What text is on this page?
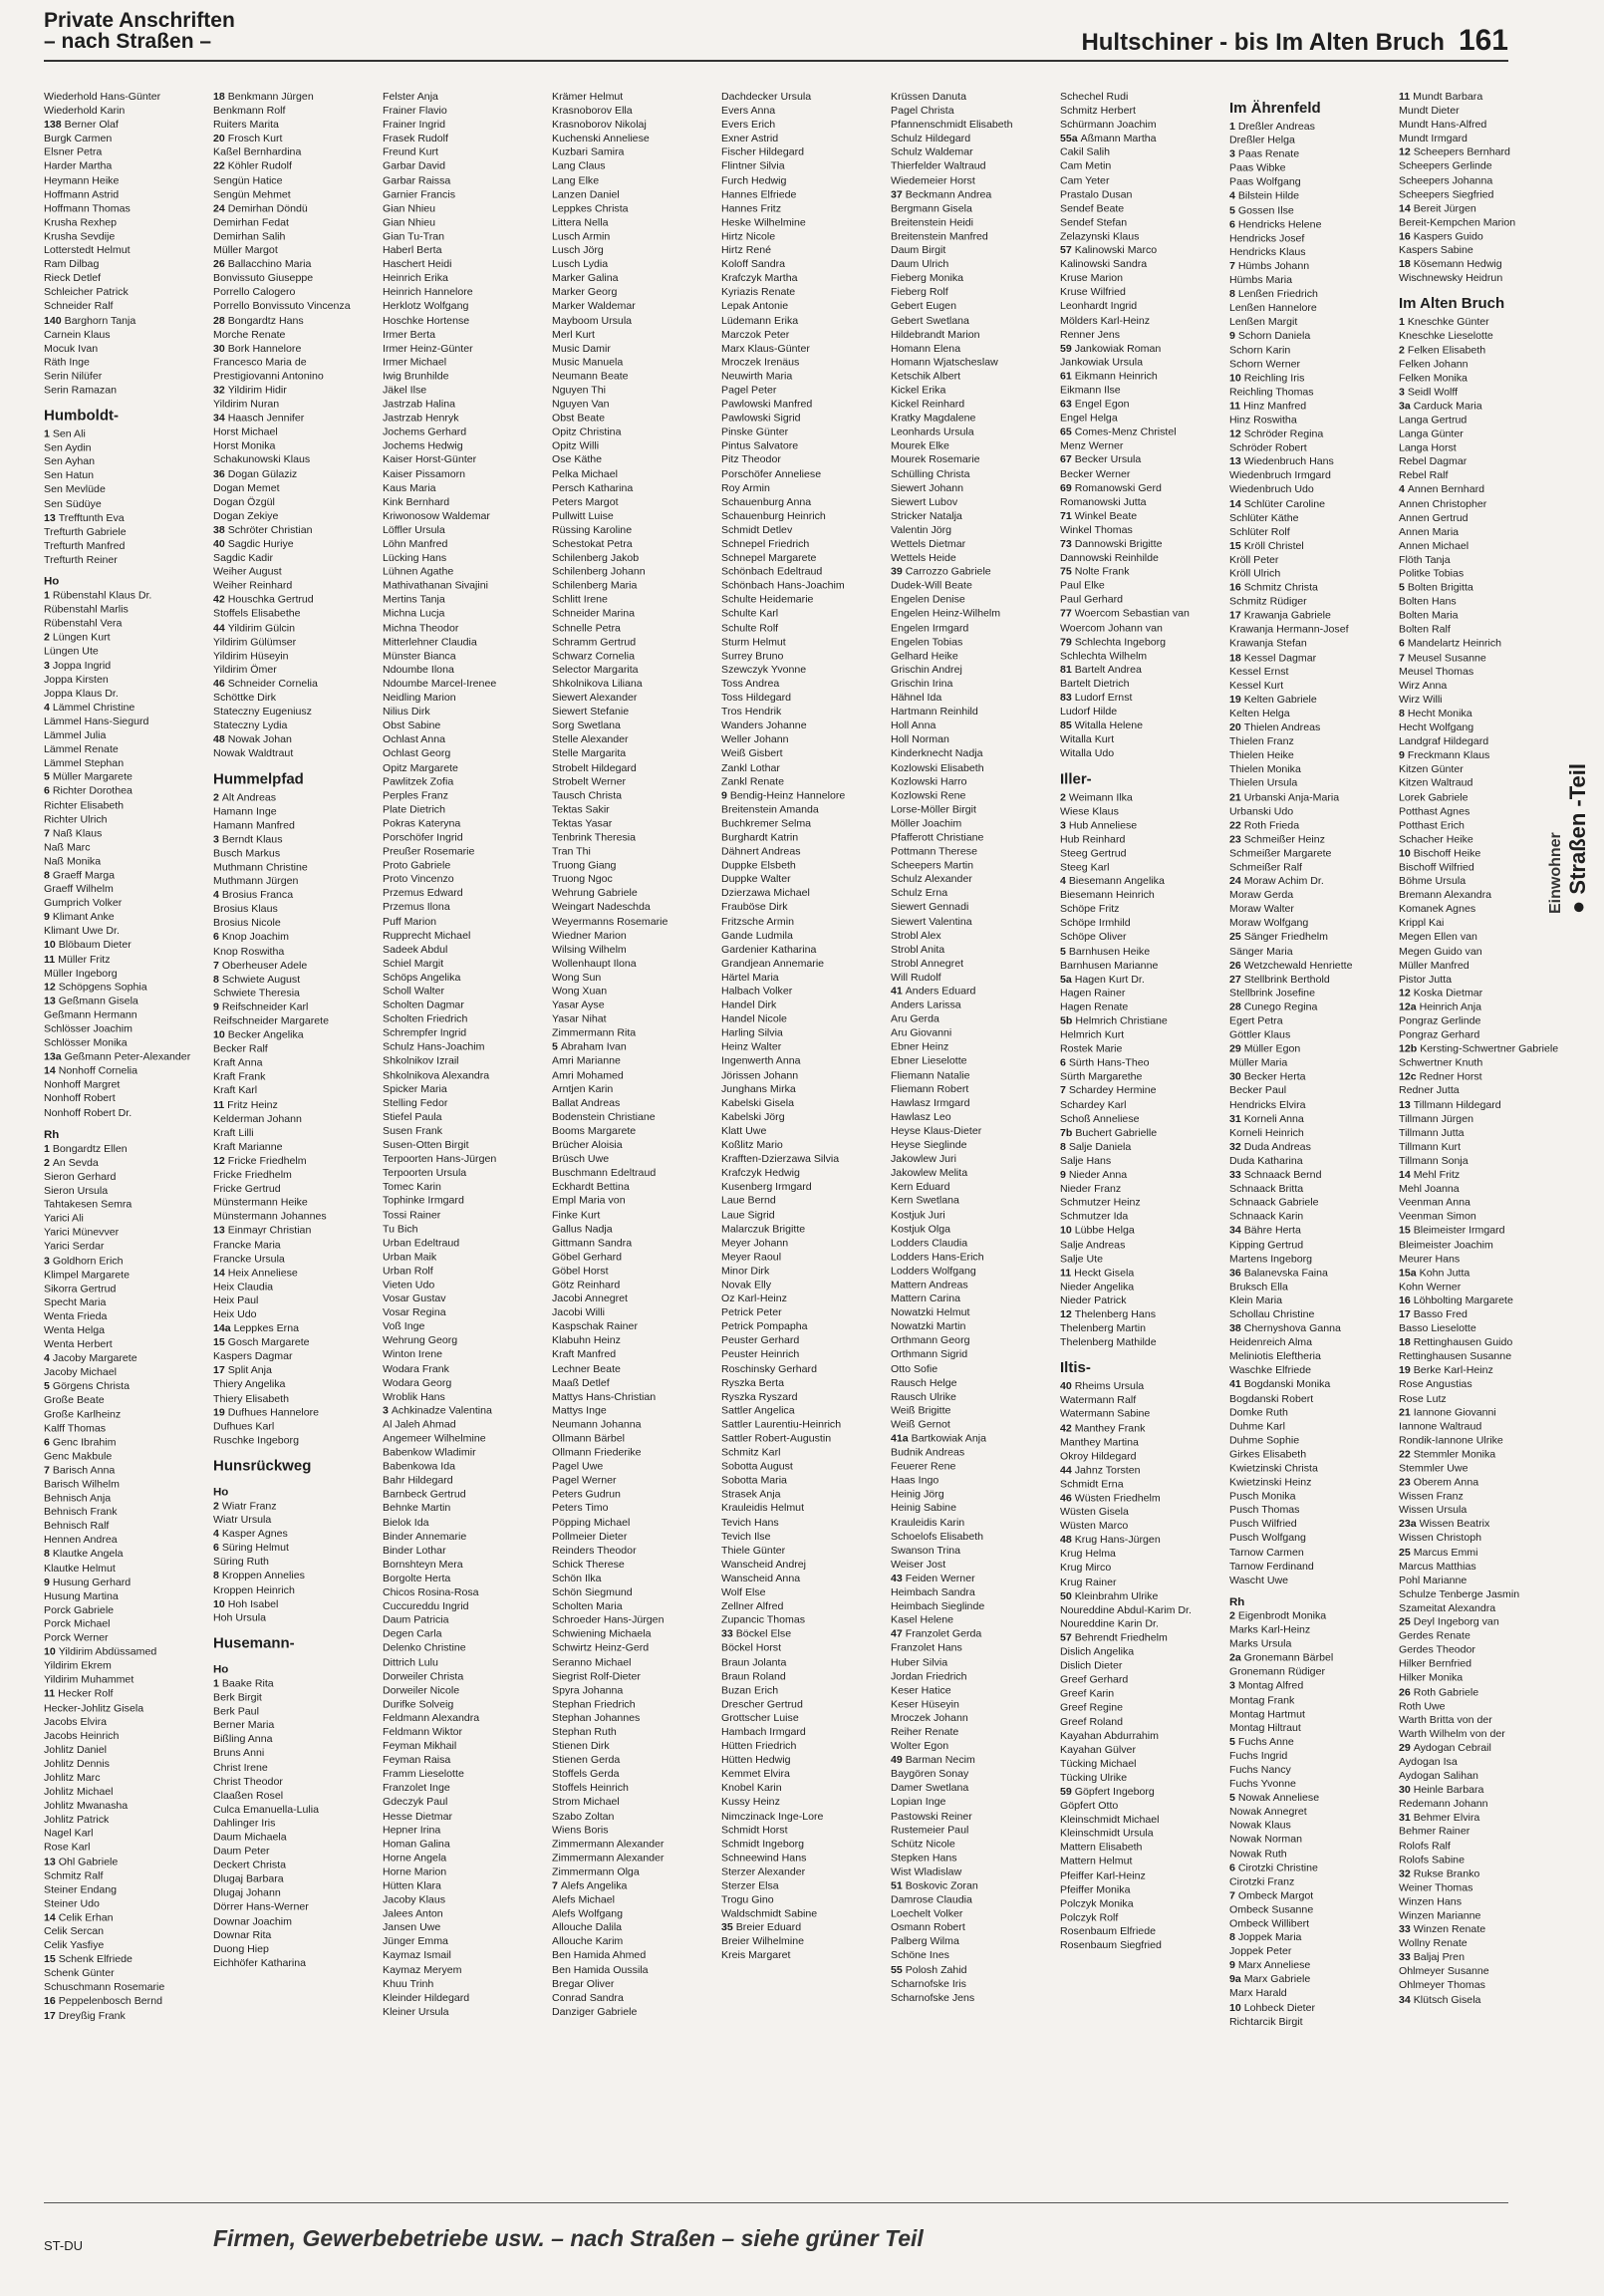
Private Anschriften
– nach Straßen –	Hultschiner - bis Im Alten Bruch 161
Wiederhold Hans-Günter
Wiederhold Karin
138 Berner Olaf
Burgk Carmen
Elsner Petra
Harder Martha
Heymann Heike
Hoffmann Astrid
Hoffmann Thomas
Krusha Rexhep
Krusha Sevdije
Lotterstedt Helmut
Ram Dilbag
Rieck Detlef
Schleicher Patrick
Schneider Ralf
140 Barghorn Tanja
Carnein Klaus
Mocuk Ivan
Räth Inge
Serin Nilüfer
Serin Ramazan
Humboldt-
1 Sen Ali
Sen Aydin
Sen Ayhan
Sen Hatun
Sen Mevlüde
Sen Südüye
13 Trefftunth Eva
Trefturth Gabriele
Trefturth Manfred
Trefturth Reiner
Ho
1 Rübenstahl Klaus Dr.
Rübenstahl Marlis
Rübenstahl Vera
2 Lüngen Kurt
Lüngen Ute
3 Joppa Ingrid
Joppa Kirsten
Joppa Klaus Dr.
4 Lämmel Christine
Lämmel Hans-Siegurd
Lämmel Julia
Lämmel Renate
Lämmel Stephan
5 Müller Margarete
6 Richter Dorothea
Richter Elisabeth
Richter Ulrich
7 Naß Klaus
Naß Marc
Naß Monika
8 Graeff Marga
Graeff Wilhelm
Gumprich Volker
9 Klimant Anke
Klimant Uwe Dr.
10 Blöbaum Dieter
11 Müller Fritz
Müller Ingeborg
12 Schöpgens Sophia
13 Geßmann Gisela
Geßmann Hermann
Schlösser Joachim
Schlösser Monika
13a Geßmann Peter-Alexander
14 Nonhoff Cornelia
Nonhoff Margret
Nonhoff Robert
Nonhoff Robert Dr.
Rh
1 Bongardtz Ellen
2 An Sevda
Sieron Gerhard
Sieron Ursula
Tahtakesen Semra
Yarici Ali
Yarici Münevver
Yarici Serdar
3 Goldhorn Erich
Klimpel Margarete
Sikorra Gertrud
Specht Maria
Wenta Frieda
Wenta Helga
Wenta Herbert
4 Jacoby Margarete
Jacoby Michael
5 Görgens Christa
Große Beate
Große Karlheinz
Kalff Thomas
6 Genc Ibrahim
Genc Makbule
7 Barisch Anna
Barisch Wilhelm
Behnisch Anja
Behnisch Frank
Behnisch Ralf
Hennen Andrea
8 Klautke Angela
Klautke Helmut
9 Husung Gerhard
Husung Martina
Porck Gabriele
Porck Michael
Porck Werner
10 Yildirim Abdüssamed
Yildirim Ekrem
Yildirim Muhammet
11 Hecker Rolf
Hecker-Johlitz Gisela
Jacobs Elvira
Jacobs Heinrich
Johlitz Daniel
Johlitz Dennis
Johlitz Marc
Johlitz Michael
Johlitz Mwanasha
Johlitz Patrick
Nagel Karl
Rose Karl
13 Ohl Gabriele
Schmitz Ralf
Steiner Endang
Steiner Udo
14 Celik Erhan
Celik Sercan
Celik Yasfiye
15 Schenk Elfriede
Schenk Günter
Schuschmann Rosemarie
16 Peppelenbosch Bernd
17 Dreyßig Frank
18 Benkmann Jürgen
Benkmann Rolf
Ruiters Marita
20 Frosch Kurt
Kaßel Bernhardina
22 Köhler Rudolf
Sengün Hatice
Sengün Mehmet
24 Demirhan Döndü
Demirhan Fedat
Demirhan Salih
Müller Margot
26 Ballacchino Maria
Bonvissuto Giuseppe
Porrello Calogero
Porrello Bonvissuto Vincenza
28 Bongardtz Hans
Morche Renate
30 Bork Hannelore
Francesco Maria de
Prestigiovanni Antonino
32 Yildirim Hidir
Yildirim Nuran
34 Haasch Jennifer
Horst Michael
Horst Monika
Schakunowski Klaus
36 Dogan Gülaziz
Dogan Memet
Dogan Özgül
Dogan Zekiye
38 Schröter Christian
40 Sagdic Huriye
Sagdic Kadir
Weiher August
Weiher Reinhard
42 Houschka Gertrud
Stoffels Elisabethe
44 Yildirim Gülcin
Yildirim Gülümser
Yildirim Hüseyin
Yildirim Ömer
46 Schneider Cornelia
Schöttke Dirk
Stateczny Eugeniusz
Stateczny Lydia
48 Nowak Johan
Nowak Waldtraut
Hummelpfad
2 Alt Andreas
Hamann Inge
Hamann Manfred
3 Berndt Klaus
Busch Markus
Muthmann Christine
Muthmann Jürgen
4 Brosius Franca
Brosius Klaus
Brosius Nicole
6 Knop Joachim
Knop Roswitha
7 Oberheuser Adele
8 Schwiete August
Schwiete Theresia
9 Reifschneider Karl
Reifschneider Margarete
10 Becker Angelika
Becker Ralf
Kraft Anna
Kraft Frank
Kraft Karl
11 Fritz Heinz
Kelderman Johann
Kraft Lilli
Kraft Marianne
12 Fricke Friedhelm
Fricke Friedhelm
Fricke Gertrud
Münstermann Heike
Münstermann Johannes
13 Einmayr Christian
Francke Maria
Francke Ursula
14 Heix Anneliese
Heix Claudia
Heix Paul
Heix Udo
14a Leppkes Erna
15 Gosch Margarete
Kaspers Dagmar
17 Split Anja
Thiery Angelika
Thiery Elisabeth
19 Dufhues Hannelore
Dufhues Karl
Ruschke Ingeborg
Hunsrückweg
Ho
2 Wiatr Franz
Wiatr Ursula
4 Kasper Agnes
6 Süring Helmut
Süring Ruth
8 Kroppen Annelies
Kroppen Heinrich
10 Hoh Isabel
Hoh Ursula
Husemann-
Ho
1 Baake Rita
Berk Birgit
Berk Paul
Berner Maria
Bißling Anna
Bruns Anni
Christ Irene
Christ Theodor
Claaßen Rosel
Culca Emanuella-Lulia
Dahlinger Iris
Daum Michaela
Daum Peter
Deckert Christa
Dlugaj Barbara
Dlugaj Johann
Dörrer Hans-Werner
Downar Joachim
Downar Rita
Duong Hiep
Eichhöfer Katharina
Felster Anja
Frainer Flavio
Frainer Ingrid
Frasek Rudolf
Freund Kurt
Garbar David
Garbar Raissa
Garnier Francis
Gian Nhieu
Gian Nhieu
Gian Tu-Tran
Haberl Berta
Haschert Heidi
Heinrich Erika
Heinrich Hannelore
Herklotz Wolfgang
Hoschke Hortense
Irmer Berta
Irmer Heinz-Günter
Irmer Michael
Iwig Brunhilde
Jäkel Ilse
Jastrzab Halina
Jastrzab Henryk
Jochems Gerhard
Jochems Hedwig
Kaiser Horst-Günter
Kaiser Pissamorn
Kaus Maria
Kink Bernhard
Kriwonosow Waldemar
Löffler Ursula
Löhn Manfred
Lücking Hans
Lühnen Agathe
Mathivathanan Sivajini
Mertins Tanja
Michna Lucja
Michna Theodor
Mitterlehner Claudia
Münster Bianca
Ndoumbe Ilona
Ndoumbe Marcel-Irenee
Neidling Marion
Nilius Dirk
Obst Sabine
Ochlast Anna
Ochlast Georg
Opitz Margarete
Pawlitzek Zofia
Perples Franz
Plate Dietrich
Pokras Kateryna
Porschöfer Ingrid
Preußer Rosemarie
Proto Gabriele
Proto Vincenzo
Przemus Edward
Przemus Ilona
Puff Marion
Rupprecht Michael
Sadeek Abdul
Schiel Margit
Schöps Angelika
Scholl Walter
Scholten Dagmar
Scholten Friedrich
Schrempfer Ingrid
Schulz Hans-Joachim
Shkolnikov Izrail
Shkolnikova Alexandra
Spicker Maria
Stelling Fedor
Stiefel Paula
Susen Frank
Susen-Otten Birgit
Terpoorten Hans-Jürgen
Terpoorten Ursula
Tomec Karin
Tophinke Irmgard
Tossi Rainer
Tu Bich
Urban Edeltraud
Urban Maik
Urban Rolf
Vieten Udo
Vosar Gustav
Vosar Regina
Voß Inge
Wehrung Georg
Winton Irene
Wodara Frank
Wodara Georg
Wroblik Hans
3 Achkinadze Valentina
Al Jaleh Ahmad
Angemeer Wilhelmine
Babenkow Wladimir
Babenkowa Ida
Bahr Hildegard
Barnbeck Gertrud
Behnke Martin
Bielok Ida
Binder Annemarie
Binder Lothar
Bornshteyn Mera
Borgolte Herta
Chicos Rosina-Rosa
Cuccureddu Ingrid
Daum Patricia
Degen Carla
Delenko Christine
Dittrich Lulu
Dorweiler Christa
Dorweiler Nicole
Durifke Solveig
Feldmann Alexandra
Feldmann Wiktor
Feyman Mikhail
Feyman Raisa
Framm Lieselotte
Franzolet Inge
Gdeczyk Paul
Hesse Dietmar
Hepner Irina
Homan Galina
Horne Angela
Horne Marion
Hütten Klara
Jacoby Klaus
Jalees Anton
Jansen Uwe
Jünger Emma
Kaymaz Ismail
Kaymaz Meryem
Khuu Trinh
Kleinder Hildegard
Kleiner Ursula
Krämer Helmut
Krasnoborov Ella
Krasnoborov Nikolaj
Kuchenski Anneliese
Kuzbari Samira
Lang Claus
Lang Elke
Lanzen Daniel
Leppkes Christa
Littera Nella
Lusch Armin
Lusch Jörg
Lusch Lydia
Marker Galina
Marker Georg
Marker Waldemar
Mayboom Ursula
Merl Kurt
Music Damir
Music Manuela
Neumann Beate
Nguyen Thi
Nguyen Van
Obst Beate
Opitz Christina
Opitz Willi
Ose Käthe
Pelka Michael
Persch Katharina
Peters Margot
Pullwitt Luise
Rüssing Karoline
Schestokat Petra
Schilenberg Jakob
Schilenberg Johann
Schilenberg Maria
Schlitt Irene
Schneider Marina
Schnelle Petra
Schramm Gertrud
Schwarz Cornelia
Selector Margarita
Shkolnikova Liliana
Siewert Alexander
Siewert Stefanie
Sorg Swetlana
Stelle Alexander
Stelle Margarita
Strobelt Hildegard
Strobelt Werner
Tausch Christa
Tektas Sakir
Tektas Yasar
Tenbrink Theresia
Tran Thi
Truong Giang
Truong Ngoc
Wehrung Gabriele
Weingart Nadeschda
Weyermanns Rosemarie
Wiedner Marion
Wilsing Wilhelm
Wollenhaupt Ilona
Wong Sun
Wong Xuan
Yasar Ayse
Yasar Nihat
Zimmermann Rita
5 Abraham Ivan
Amri Marianne
Amri Mohamed
Arntjen Karin
Ballat Andreas
Bodenstein Christiane
Booms Margarete
Brücher Aloisia
Brüsch Uwe
Buschmann Edeltraud
Eckhardt Bettina
Empl Maria von
Finke Kurt
Gallus Nadja
Gittmann Sandra
Göbel Gerhard
Göbel Horst
Götz Reinhard
Jacobi Annegret
Jacobi Willi
Kaspschak Rainer
Klabuhn Heinz
Kraft Manfred
Lechner Beate
Maaß Detlef
Mattys Hans-Christian
Mattys Inge
Neumann Johanna
Ollmann Bärbel
Ollmann Friederike
Pagel Uwe
Pagel Werner
Peters Gudrun
Peters Timo
Pöpping Michael
Pollmeier Dieter
Reinders Theodor
Schick Therese
Schön Ilka
Schön Siegmund
Scholten Maria
Schroeder Hans-Jürgen
Schwiening Michaela
Schwirtz Heinz-Gerd
Seranno Michael
Siegrist Rolf-Dieter
Spyra Johanna
Stephan Friedrich
Stephan Johannes
Stephan Ruth
Stienen Dirk
Stienen Gerda
Stoffels Gerda
Stoffels Heinrich
Strom Michael
Szabo Zoltan
Wiens Boris
Zimmermann Alexander
Zimmermann Alexander
Zimmermann Olga
7 Alefs Angelika
Alefs Michael
Alefs Wolfgang
Allouche Dalila
Allouche Karim
Ben Hamida Ahmed
Ben Hamida Oussila
Bregar Oliver
Conrad Sandra
Danziger Gabriele
Dachdecker Ursula
Evers Anna
Evers Erich
Exner Astrid
Fischer Hildegard
Flintner Silvia
Furch Hedwig
Hannes Elfriede
Hannes Fritz
Heske Wilhelmine
Hirtz Nicole
Hirtz René
Koloff Sandra
Krafczyk Martha
Kyriazis Renate
Lepak Antonie
Lüdemann Erika
Marczok Peter
Marx Klaus-Günter
Mroczek Irenäus
Neuwirth Maria
Pagel Peter
Pawlowski Manfred
Pawlowski Sigrid
Pinske Günter
Pintus Salvatore
Pitz Theodor
Porschöfer Anneliese
Roy Armin
Schauenburg Anna
Schauenburg Heinrich
Schmidt Detlev
Schnepel Friedrich
Schnepel Margarete
Schönbach Edeltraud
Schönbach Hans-Joachim
Schulte Heidemarie
Schulte Karl
Schulte Rolf
Sturm Helmut
Surrey Bruno
Szewczyk Yvonne
Toss Andrea
Toss Hildegard
Tros Hendrik
Wanders Johanne
Weller Johann
Weiß Gisbert
Zankl Lothar
Zankl Renate
9 Bendig-Heinz Hannelore
Breitenstein Amanda
Buchkremer Selma
Burghardt Katrin
Dähnert Andreas
Duppke Elsbeth
Duppke Walter
Dzierzawa Michael
Frauböse Dirk
Fritzsche Armin
Gande Ludmila
Gardenier Katharina
Grandjean Annemarie
Härtel Maria
Halbach Volker
Handel Dirk
Handel Nicole
Harling Silvia
Heinz Walter
Ingenwerth Anna
Jörissen Johann
Junghans Mirka
Kabelski Gisela
Kabelski Jörg
Klatt Uwe
Koßlitz Mario
Krafften-Dzierzawa Silvia
Krafczyk Hedwig
Kusenberg Irmgard
Laue Bernd
Laue Sigrid
Malarczuk Brigitte
Meyer Johann
Meyer Raoul
Minor Dirk
Novak Elly
Oz Karl-Heinz
Petrick Peter
Petrick Pompapha
Peuster Gerhard
Peuster Heinrich
Roschinsky Gerhard
Ryszka Berta
Ryszka Ryszard
Sattler Angelica
Sattler Laurentiu-Heinrich
Sattler Robert-Augustin
Schmitz Karl
Sobotta August
Sobotta Maria
Strasek Anja
Krauleidis Helmut
Tevich Hans
Tevich Ilse
Thiele Günter
Wanscheid Andrej
Wanscheid Anna
Wolf Else
Zellner Alfred
Zupancic Thomas
33 Böckel Else
Böckel Horst
Braun Jolanta
Braun Roland
Buzan Erich
Drescher Gertrud
Grottscher Luise
Hambach Irmgard
Hütten Friedrich
Hütten Hedwig
Kemmet Elvira
Knobel Karin
Kussy Heinz
Nimczinack Inge-Lore
Schmidt Horst
Schmidt Ingeborg
Schneewind Hans
Sterzer Alexander
Sterzer Elsa
Trogu Gino
Waldschmidt Sabine
35 Breier Eduard
Breier Wilhelmine
Kreis Margaret
Krüssen Danuta
Pagel Christa
Pfannenschmidt Elisabeth
Schulz Hildegard
Schulz Waldemar
Thierfelder Waltraud
Wiedemeier Horst
37 Beckmann Andrea
Bergmann Gisela
Breitenstein Heidi
Breitenstein Manfred
Daum Birgit
Daum Ulrich
Fieberg Monika
Fieberg Rolf
Gebert Eugen
Gebert Swetlana
Hildebrandt Marion
Homann Elena
Homann Wjatscheslaw
Ketschik Albert
Kickel Erika
Kickel Reinhard
Kratky Magdalene
Leonhards Ursula
Mourek Elke
Mourek Rosemarie
Schülling Christa
Siewert Johann
Siewert Lubov
Stricker Natalja
Valentin Jörg
Wettels Dietmar
Wettels Heide
39 Carrozzo Gabriele
Dudek-Will Beate
Engelen Denise
Engelen Heinz-Wilhelm
Engelen Irmgard
Engelen Tobias
Gelhard Heike
Grischin Andrej
Grischin Irina
Hähnel Ida
Hartmann Reinhild
Holl Anna
Holl Norman
Kinderknecht Nadja
Kozlowski Elisabeth
Kozlowski Harro
Kozlowski Rene
Lorse-Möller Birgit
Möller Joachim
Pfafferott Christiane
Pottmann Therese
Scheepers Martin
Schulz Alexander
Schulz Erna
Siewert Gennadi
Siewert Valentina
Strobl Alex
Strobl Anita
Strobl Annegret
Will Rudolf
41 Anders Eduard
Anders Larissa
Aru Gerda
Aru Giovanni
Ebner Heinz
Ebner Lieselotte
Fliemann Natalie
Fliemann Robert
Hawlasz Irmgard
Hawlasz Leo
Heyse Klaus-Dieter
Heyse Sieglinde
Jakowlew Juri
Jakowlew Melita
Kern Eduard
Kern Swetlana
Kostjuk Juri
Kostjuk Olga
Lodders Claudia
Lodders Hans-Erich
Lodders Wolfgang
Mattern Andreas
Mattern Carina
Nowatzki Helmut
Nowatzki Martin
Orthmann Georg
Orthmann Sigrid
Otto Sofie
Rausch Helge
Rausch Ulrike
Weiß Brigitte
Weiß Gernot
41a Bartkowiak Anja
Budnik Andreas
Feuerer Rene
Haas Ingo
Heinig Jörg
Heinig Sabine
Krauleidis Karin
Schoelofs Elisabeth
Swanson Trina
Weiser Jost
43 Feiden Werner
Heimbach Sandra
Heimbach Sieglinde
Kasel Helene
47 Franzolet Gerda
Franzolet Hans
Huber Silvia
Jordan Friedrich
Keser Hatice
Keser Hüseyin
Mroczek Johann
Reiher Renate
Wolter Egon
49 Barman Necim
Baygören Sonay
Damer Swetlana
Lopian Inge
Pastowski Reiner
Rustemeier Paul
Schütz Nicole
Stepken Hans
Wist Wladislaw
51 Boskovic Zoran
Damrose Claudia
Loechelt Volker
Osmann Robert
Palberg Wilma
Schöne Ines
55 Polosh Zahid
Scharnofske Iris
Scharnofske Jens
Schechel Rudi
Schmitz Herbert
Schürmann Joachim
55a Aßmann Martha
Cakil Salih
Cam Metin
Cam Yeter
Prastalo Dusan
Sendef Beate
Sendef Stefan
Zelazynski Klaus
57 Kalinowski Marco
Kalinowski Sandra
Kruse Marion
Kruse Wilfried
Leonhardt Ingrid
Mölders Karl-Heinz
Renner Jens
59 Jankowiak Roman
Jankowiak Ursula
61 Eikmann Heinrich
Eikmann Ilse
63 Engel Egon
Engel Helga
65 Comes-Menz Christel
Menz Werner
67 Becker Ursula
Becker Werner
69 Romanowski Gerd
Romanowski Jutta
71 Winkel Beate
Winkel Thomas
73 Dannowski Brigitte
Dannowski Reinhilde
75 Nolte Frank
Paul Elke
Paul Gerhard
77 Woercom Sebastian van
Woercom Johann van
79 Schlechta Ingeborg
Schlechta Wilhelm
81 Bartelt Andrea
Bartelt Dietrich
83 Ludorf Ernst
Ludorf Hilde
85 Witalla Helene
Witalla Kurt
Witalla Udo
Iller-
2 Weimann Ilka
Wiese Klaus
3 Hub Anneliese
Hub Reinhard
Steeg Gertrud
Steeg Karl
4 Biesemann Angelika
Biesemann Heinrich
Schöpe Fritz
Schöpe Irmhild
Schöpe Oliver
5 Barnhusen Heike
Barnhusen Marianne
5a Hagen Kurt Dr.
Hagen Rainer
Hagen Renate
5b Helmrich Christiane
Helmrich Kurt
Rostek Marie
6 Sürth Hans-Theo
Sürth Margarethe
7 Schardey Hermine
Schardey Karl
Schoß Anneliese
7b Buchert Gabrielle
8 Salje Daniela
Salje Hans
9 Nieder Anna
Nieder Franz
Schmutzer Heinz
Schmutzer Ida
10 Lübbe Helga
Salje Andreas
Salje Ute
11 Heckt Gisela
Nieder Angelika
Nieder Patrick
12 Thelenberg Hans
Thelenberg Martin
Thelenberg Mathilde
Iltis-
40 Rheims Ursula
Watermann Ralf
Watermann Sabine
42 Manthey Frank
Manthey Martina
Okroy Hildegard
44 Jahnz Torsten
Schmidt Erna
46 Wüsten Friedhelm
Wüsten Gisela
Wüsten Marco
48 Krug Hans-Jürgen
Krug Helma
Krug Mirco
Krug Rainer
50 Kleinbrahm Ulrike
Noureddine Abdul-Karim Dr.
Noureddine Karin Dr.
57 Behrendt Friedhelm
Dislich Angelika
Dislich Dieter
Greef Gerhard
Greef Karin
Greef Regine
Greef Roland
Kayahan Abdurrahim
Kayahan Gülver
Tücking Michael
Tücking Ulrike
59 Göpfert Ingeborg
Göpfert Otto
Kleinschmidt Michael
Kleinschmidt Ursula
Mattern Elisabeth
Mattern Helmut
Pfeiffer Karl-Heinz
Pfeiffer Monika
Polczyk Monika
Polczyk Rolf
Rosenbaum Elfriede
Rosenbaum Siegfried
Im Ährenfeld
1 Dreßler Andreas
Dreßler Helga
3 Paas Renate
Paas Wibke
Paas Wolfgang
4 Bilstein Hilde
5 Gossen Ilse
6 Hendricks Helene
Hendricks Josef
Hendricks Klaus
7 Hümbs Johann
Hümbs Maria
8 Lenßen Friedrich
Lenßen Hannelore
Lenßen Margit
9 Schorn Daniela
Schorn Karin
Schorn Werner
10 Reichling Iris
Reichling Thomas
11 Hinz Manfred
Hinz Roswitha
12 Schröder Regina
Schröder Robert
13 Wiedenbruch Hans
Wiedenbruch Irmgard
Wiedenbruch Udo
14 Schlüter Caroline
Schlüter Käthe
Schlüter Rolf
15 Kröll Christel
Kröll Peter
Kröll Ulrich
16 Schmitz Christa
Schmitz Rüdiger
17 Krawanja Gabriele
Krawanja Hermann-Josef
Krawanja Stefan
18 Kessel Dagmar
Kessel Ernst
Kessel Kurt
19 Kelten Gabriele
Kelten Helga
20 Thielen Andreas
Thielen Franz
Thielen Heike
Thielen Monika
Thielen Ursula
21 Urbanski Anja-Maria
Urbanski Udo
22 Roth Frieda
23 Schmeißer Heinz
Schmeißer Margarete
Schmeißer Ralf
24 Moraw Achim Dr.
Moraw Gerda
Moraw Walter
Moraw Wolfgang
25 Sänger Friedhelm
Sänger Maria
26 Wetzchewald Henriette
27 Stellbrink Berthold
Stellbrink Josefine
28 Cunego Regina
Egert Petra
Göttler Klaus
29 Müller Egon
Müller Maria
30 Becker Herta
Becker Paul
Hendricks Elvira
31 Korneli Anna
Korneli Heinrich
32 Duda Andreas
Duda Katharina
33 Schnaack Bernd
Schnaack Britta
Schnaack Gabriele
Schnaack Karin
34 Bähre Herta
Kipping Gertrud
Martens Ingeborg
36 Balanevska Faina
Bruksch Ella
Klein Maria
Schollau Christine
38 Chernyshova Ganna
Heidenreich Alma
Meliniotis Eleftheria
Waschke Elfriede
41 Bogdanski Monika
Bogdanski Robert
Domke Ruth
Duhme Karl
Duhme Sophie
Girkes Elisabeth
Kwietzinski Christa
Kwietzinski Heinz
Pusch Monika
Pusch Thomas
Pusch Wilfried
Pusch Wolfgang
Tarnow Carmen
Tarnow Ferdinand
Wascht Uwe
Rh
2 Eigenbrodt Monika
Marks Karl-Heinz
Marks Ursula
2a Gronemann Bärbel
Gronemann Rüdiger
3 Montag Alfred
Montag Frank
Montag Hartmut
Montag Hiltraut
5 Fuchs Anne
Fuchs Ingrid
Fuchs Nancy
Fuchs Yvonne
5 Nowak Anneliese
Nowak Annegret
Nowak Klaus
Nowak Norman
Nowak Ruth
6 Cirotzki Christine
Cirotzki Franz
7 Ombeck Margot
Ombeck Susanne
Ombeck Willibert
8 Joppek Maria
Joppek Peter
9 Marx Anneliese
9a Marx Gabriele
Marx Harald
10 Lohbeck Dieter
Richtarcik Birgit
11 Mundt Barbara
Mundt Dieter
Mundt Hans-Alfred
Mundt Irmgard
12 Scheepers Bernhard
Scheepers Gerlinde
Scheepers Johanna
Scheepers Siegfried
14 Bereit Jürgen
Bereit-Kempchen Marion
16 Kaspers Guido
Kaspers Sabine
18 Kösemann Hedwig
Wischnewsky Heidrun
Im Alten Bruch
1 Kneschke Günter
Kneschke Lieselotte
2 Felken Elisabeth
Felken Johann
Felken Monika
3 Seidl Wolff
3a Carduck Maria
Langa Gertrud
Langa Günter
Langa Horst
Rebel Dagmar
Rebel Ralf
4 Annen Bernhard
Annen Christopher
Annen Gertrud
Annen Maria
Annen Michael
Flöth Tanja
Politke Tobias
5 Bolten Brigitta
Bolten Hans
Bolten Maria
Bolten Ralf
6 Mandelartz Heinrich
7 Meusel Susanne
Meusel Thomas
Wirz Anna
Wirz Willi
8 Hecht Monika
Hecht Wolfgang
Landgraf Hildegard
9 Freckmann Klaus
Kitzen Günter
Kitzen Waltraud
Lorek Gabriele
Potthast Agnes
Potthast Erich
Schacher Heike
10 Bischoff Heike
Bischoff Wilfried
Böhme Ursula
Bremann Alexandra
Komanek Agnes
Krippl Kai
Megen Ellen van
Megen Guido van
Müller Manfred
Pistor Jutta
12 Koska Dietmar
12a Heinrich Anja
Pongraz Gerlinde
Pongraz Gerhard
12b Kersting-Schwertner Gabriele
Schwertner Knuth
12c Redner Horst
Redner Jutta
13 Tillmann Hildegard
Tillmann Jürgen
Tillmann Jutta
Tillmann Kurt
Tillmann Sonja
14 Mehl Fritz
Mehl Joanna
Veenman Anna
Veenman Simon
15 Bleimeister Irmgard
Bleimeister Joachim
Meurer Hans
15a Kohn Jutta
Kohn Werner
16 Löhbolting Margarete
17 Basso Fred
Basso Lieselotte
18 Rettinghausen Guido
Rettinghausen Susanne
19 Berke Karl-Heinz
Rose Angustias
Rose Lutz
21 Iannone Giovanni
Iannone Waltraud
Rondik-Iannone Ulrike
22 Stemmler Monika
Stemmler Uwe
23 Oberem Anna
Wissen Franz
Wissen Ursula
23a Wissen Beatrix
Wissen Christoph
25 Marcus Emmi
Marcus Matthias
Pohl Marianne
Schulze Tenberge Jasmin
Szameitat Alexandra
25 Deyl Ingeborg van
Gerdes Renate
Gerdes Theodor
Hilker Bernfried
Hilker Monika
26 Roth Gabriele
Roth Uwe
Warth Britta von der
Warth Wilhelm von der
29 Aydogan Cebrail
Aydogan Isa
Aydogan Salihan
30 Heinle Barbara
Redemann Johann
31 Behmer Elvira
Behmer Rainer
Rolofs Ralf
Rolofs Sabine
32 Rukse Branko
Weiner Thomas
Winzen Hans
Winzen Marianne
33 Winzen Renate
Wollny Renate
33 Baljaj Pren
Ohlmeyer Susanne
Ohlmeyer Thomas
34 Klütsch Gisela
Einwohner
● Straßen -Teil
ST-DU	Firmen, Gewerbebetriebe usw. – nach Straßen – siehe grüner Teil
